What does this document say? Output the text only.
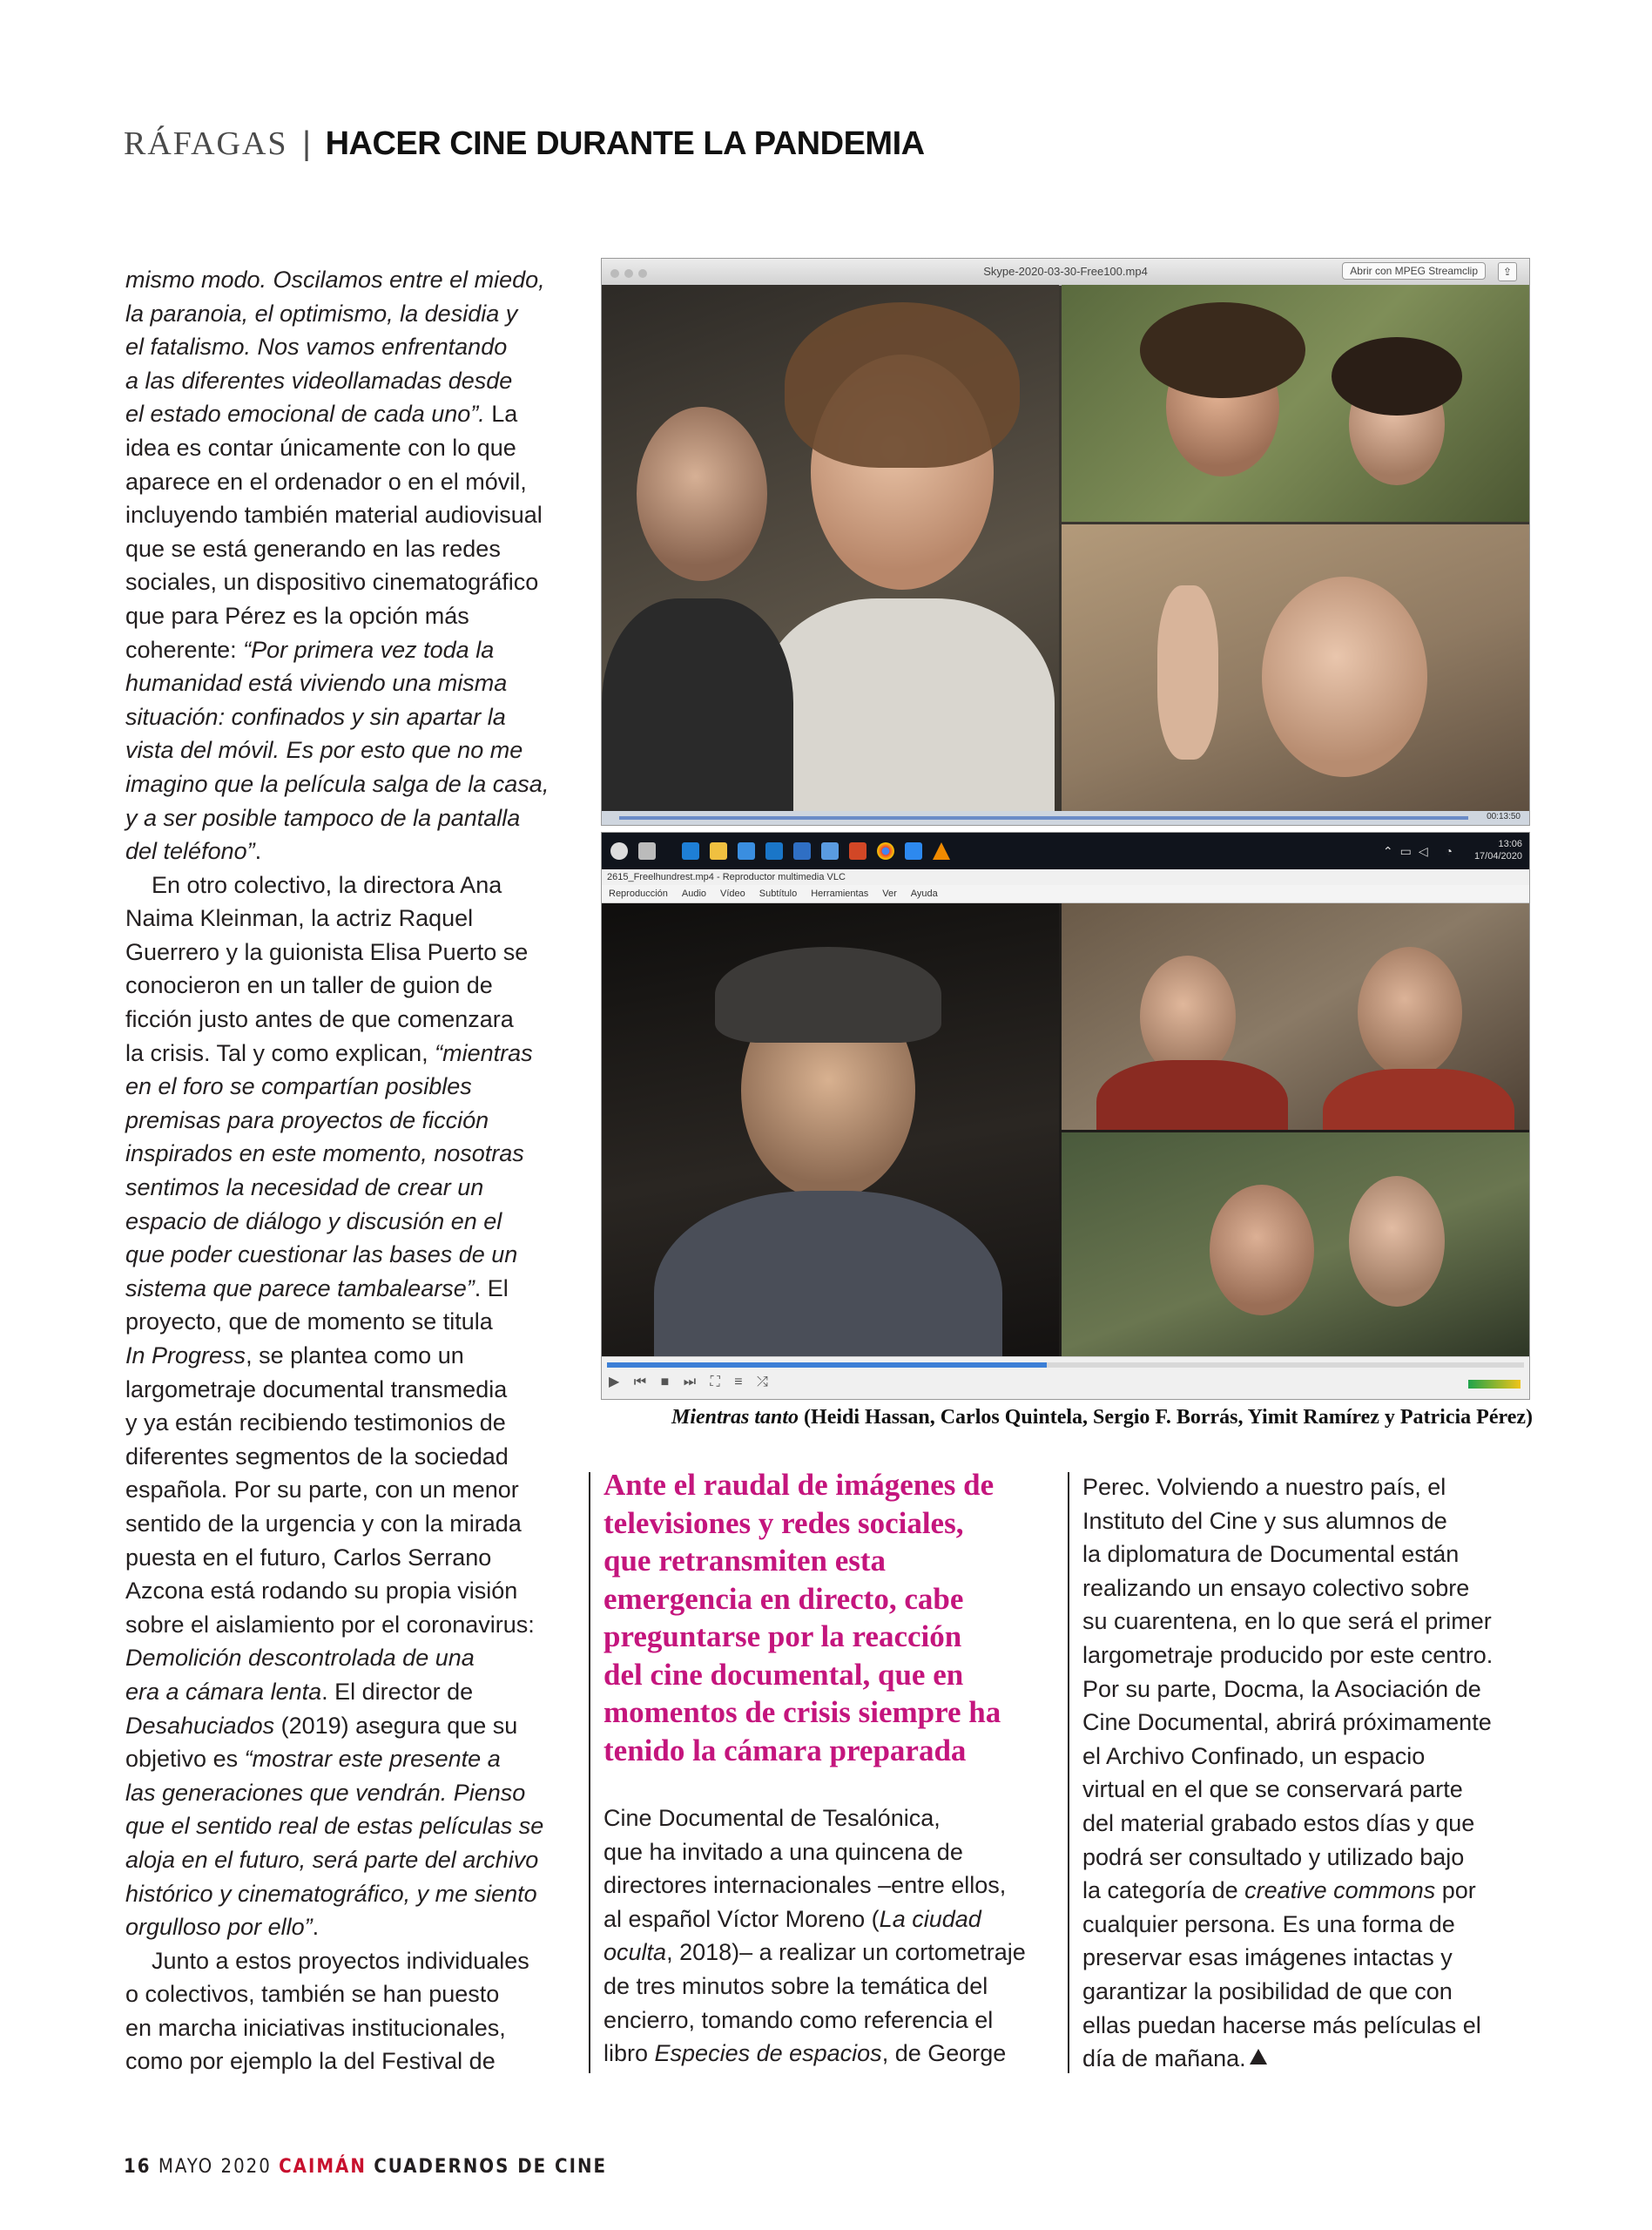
RÁFAGAS | HACER CINE DURANTE LA PANDEMIA

mismo modo. Oscilamos entre el miedo,

la paranoia, el optimismo, la desidia y

el fatalismo. Nos vamos enfrentando

a las diferentes videollamadas desde

el estado emocional de cada uno”. La

idea es contar únicamente con lo que

aparece en el ordenador o en el móvil,

incluyendo también material audiovisual

que se está generando en las redes

sociales, un dispositivo cinematográfico

que para Pérez es la opción más

coherente: “Por primera vez toda la

humanidad está viviendo una misma

situación: confinados y sin apartar la

vista del móvil. Es por esto que no me

imagino que la película salga de la casa,

y a ser posible tampoco de la pantalla

del teléfono”.

En otro colectivo, la directora Ana

Naima Kleinman, la actriz Raquel

Guerrero y la guionista Elisa Puerto se

conocieron en un taller de guion de

ficción justo antes de que comenzara

la crisis. Tal y como explican, “mientras

en el foro se compartían posibles

premisas para proyectos de ficción

inspirados en este momento, nosotras

sentimos la necesidad de crear un

espacio de diálogo y discusión en el

que poder cuestionar las bases de un

sistema que parece tambalearse”. El

proyecto, que de momento se titula

In Progress, se plantea como un

largometraje documental transmedia

y ya están recibiendo testimonios de

diferentes segmentos de la sociedad

española. Por su parte, con un menor

sentido de la urgencia y con la mirada

puesta en el futuro, Carlos Serrano

Azcona está rodando su propia visión

sobre el aislamiento por el coronavirus:

Demolición descontrolada de una

era a cámara lenta. El director de

Desahuciados (2019) asegura que su

objetivo es “mostrar este presente a

las generaciones que vendrán. Pienso

que el sentido real de estas películas se

aloja en el futuro, será parte del archivo

histórico y cinematográfico, y me siento

orgulloso por ello”.

Junto a estos proyectos individuales

o colectivos, también se han puesto

en marcha iniciativas institucionales,

como por ejemplo la del Festival de

Skype-2020-03-30-Free100.mp4	Abrir con MPEG Streamclip	⇪
00:13:50
⌃▭◁ ◔	13:06
17/04/2020
2615_Freelhundrest.mp4 - Reproductor multimedia VLC
Reproducción Audio Vídeo Subtítulo Herramientas Ver Ayuda
▶ ⏮ ■ ⏭ ⛶ ≡ ⤮
Mientras tanto (Heidi Hassan, Carlos Quintela, Sergio F. Borrás, Yimit Ramírez y Patricia Pérez)

Ante el raudal de imágenes de

televisiones y redes sociales,

que retransmiten esta

emergencia en directo, cabe

preguntarse por la reacción

del cine documental, que en

momentos de crisis siempre ha

tenido la cámara preparada

Cine Documental de Tesalónica,

que ha invitado a una quincena de

directores internacionales –entre ellos,

al español Víctor Moreno (La ciudad

oculta, 2018)– a realizar un cortometraje

de tres minutos sobre la temática del

encierro, tomando como referencia el

libro Especies de espacios, de George

Perec. Volviendo a nuestro país, el

Instituto del Cine y sus alumnos de

la diplomatura de Documental están

realizando un ensayo colectivo sobre

su cuarentena, en lo que será el primer

largometraje producido por este centro.

Por su parte, Docma, la Asociación de

Cine Documental, abrirá próximamente

el Archivo Confinado, un espacio

virtual en el que se conservará parte

del material grabado estos días y que

podrá ser consultado y utilizado bajo

la categoría de creative commons por

cualquier persona. Es una forma de

preservar esas imágenes intactas y

garantizar la posibilidad de que con

ellas puedan hacerse más películas el

día de mañana.

16 MAYO 2020 CAIMÁN CUADERNOS DE CINE
